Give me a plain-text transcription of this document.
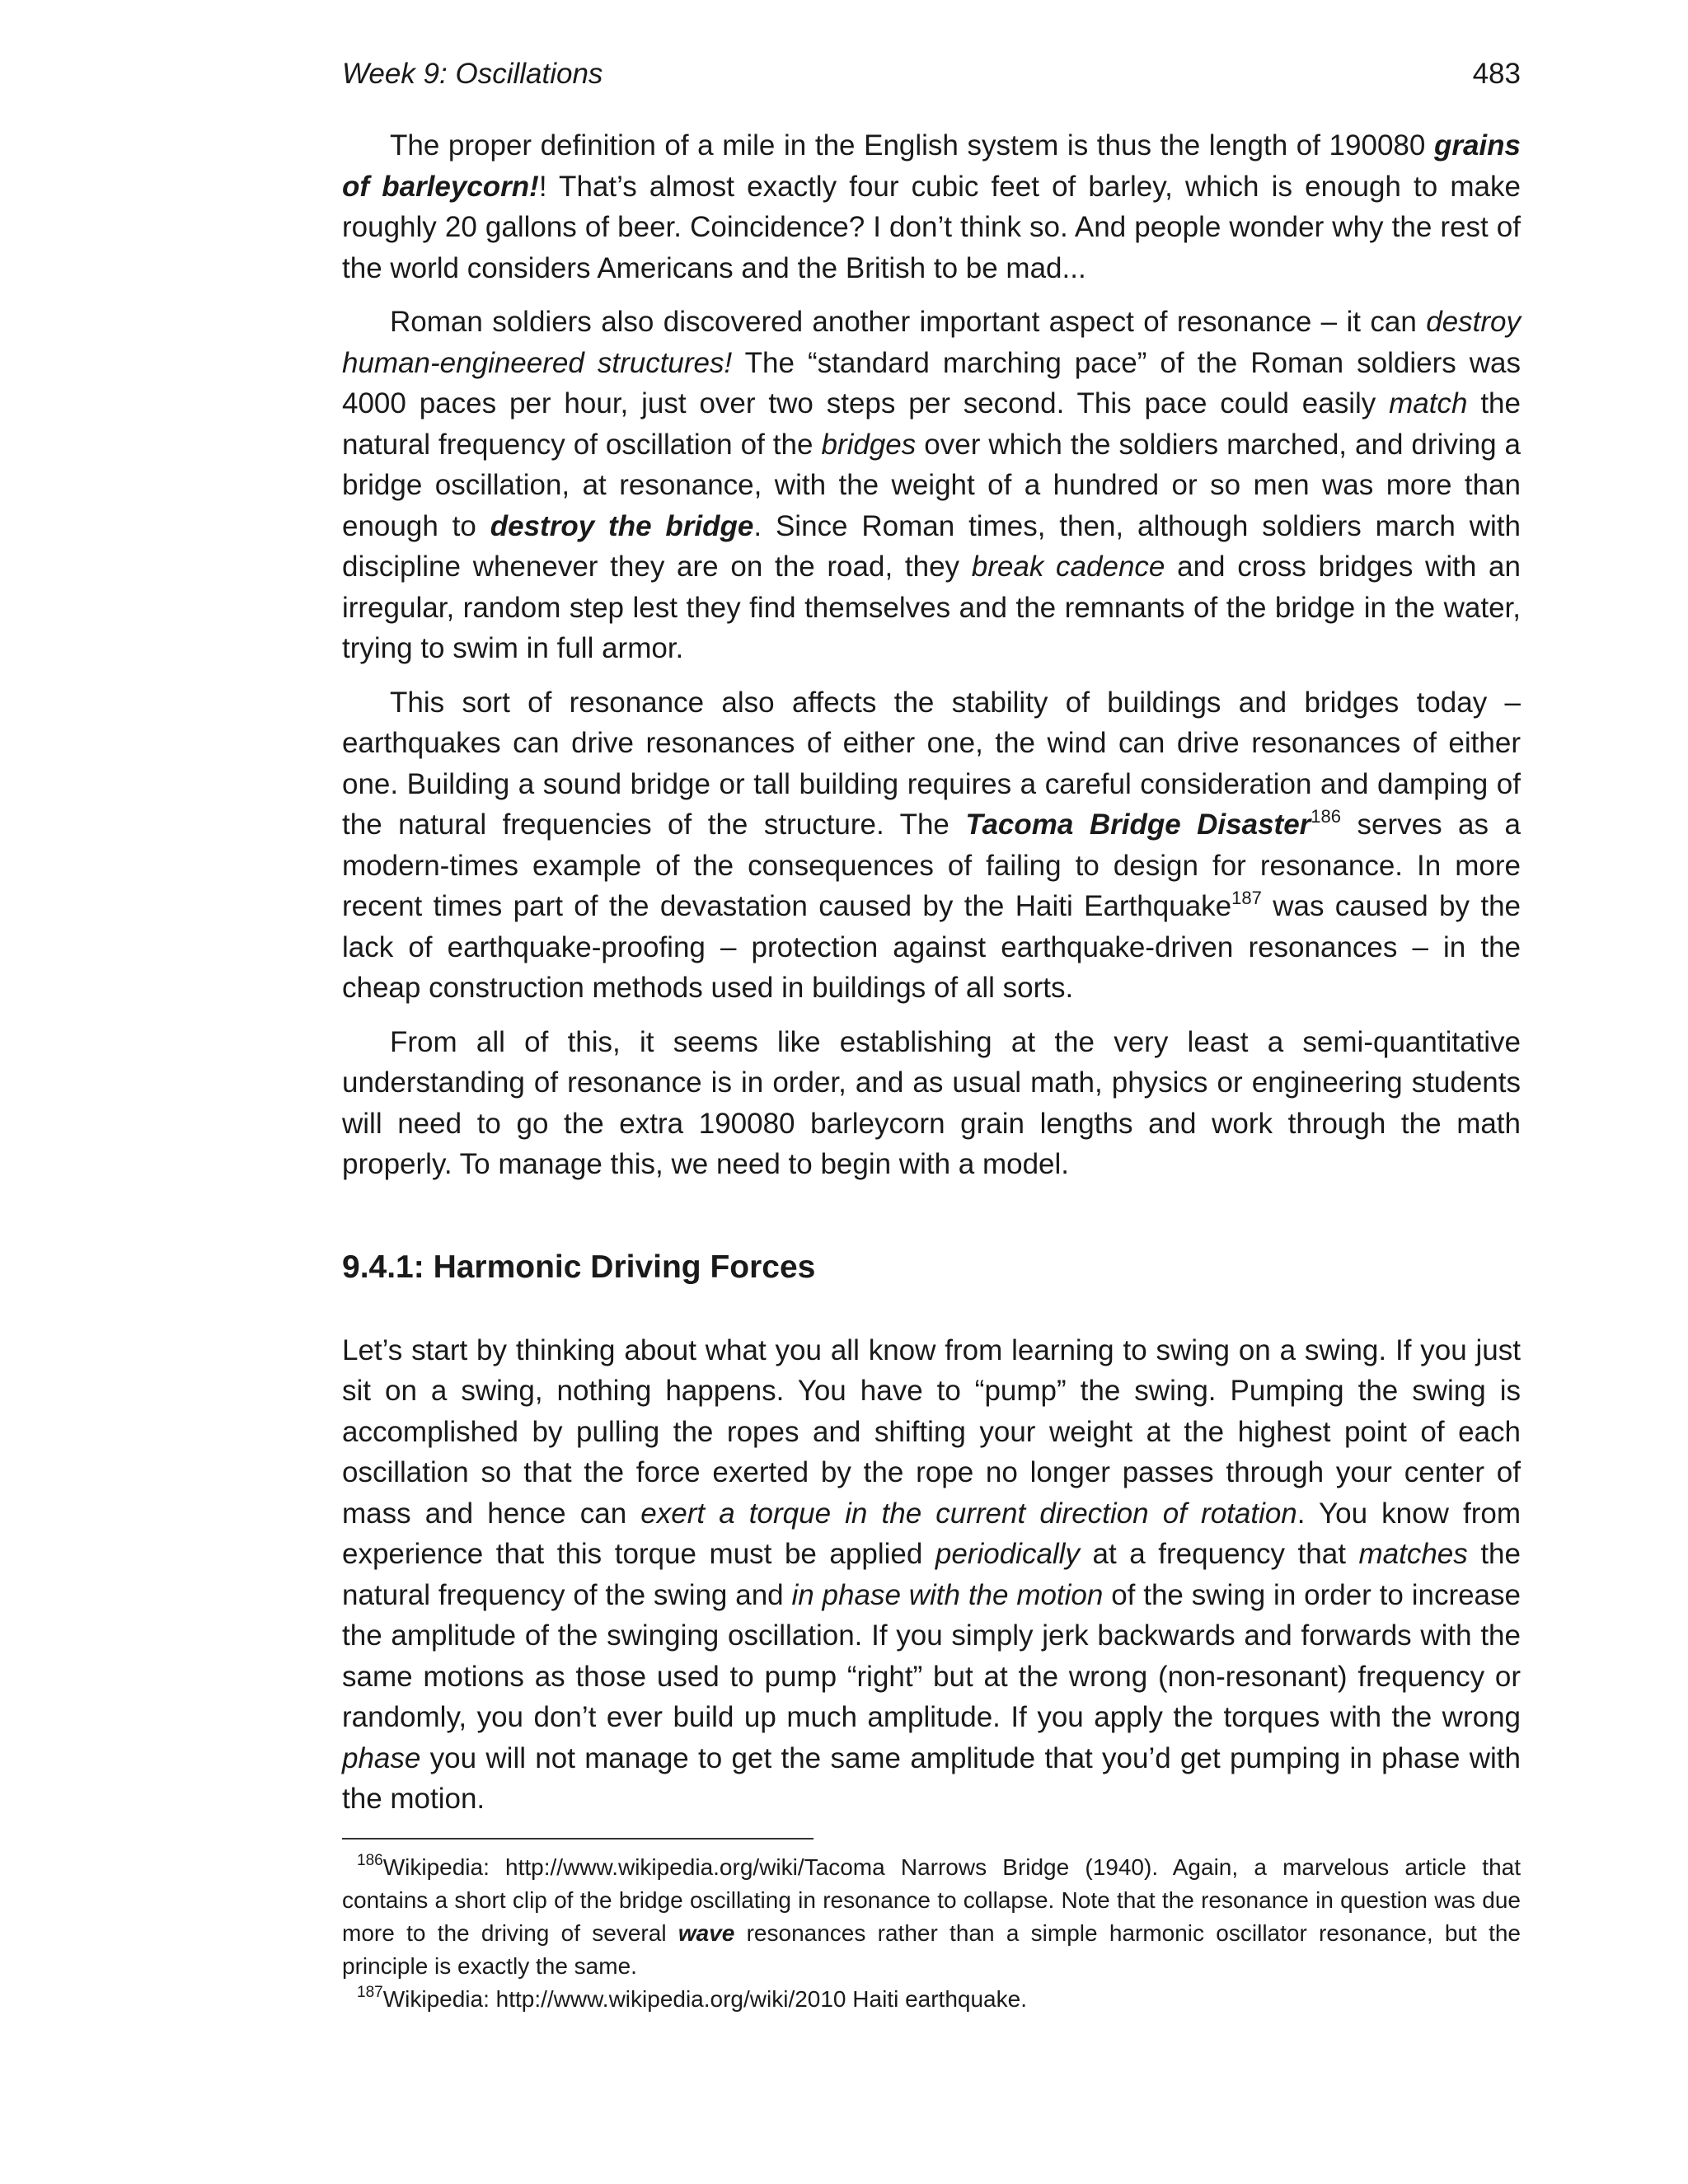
Week 9: Oscillations	483

The proper definition of a mile in the English system is thus the length of 190080 grains of barleycorn!! That’s almost exactly four cubic feet of barley, which is enough to make roughly 20 gallons of beer. Coincidence? I don’t think so. And people wonder why the rest of the world considers Americans and the British to be mad...

Roman soldiers also discovered another important aspect of resonance – it can destroy human-engineered structures! The “standard marching pace” of the Roman soldiers was 4000 paces per hour, just over two steps per second. This pace could easily match the natural frequency of oscillation of the bridges over which the soldiers marched, and driving a bridge oscillation, at resonance, with the weight of a hundred or so men was more than enough to destroy the bridge. Since Roman times, then, although soldiers march with discipline whenever they are on the road, they break cadence and cross bridges with an irregular, random step lest they find themselves and the remnants of the bridge in the water, trying to swim in full armor.

This sort of resonance also affects the stability of buildings and bridges today – earthquakes can drive resonances of either one, the wind can drive resonances of either one. Building a sound bridge or tall building requires a careful consideration and damping of the natural frequencies of the structure. The Tacoma Bridge Disaster$^{186}$ serves as a modern-times example of the consequences of failing to design for resonance. In more recent times part of the devastation caused by the Haiti Earthquake$^{187}$ was caused by the lack of earthquake-proofing – protection against earthquake-driven resonances – in the cheap construction methods used in buildings of all sorts.

From all of this, it seems like establishing at the very least a semi-quantitative understanding of resonance is in order, and as usual math, physics or engineering students will need to go the extra 190080 barleycorn grain lengths and work through the math properly. To manage this, we need to begin with a model.

9.4.1: Harmonic Driving Forces

Let’s start by thinking about what you all know from learning to swing on a swing. If you just sit on a swing, nothing happens. You have to “pump” the swing. Pumping the swing is accomplished by pulling the ropes and shifting your weight at the highest point of each oscillation so that the force exerted by the rope no longer passes through your center of mass and hence can exert a torque in the current direction of rotation. You know from experience that this torque must be applied periodically at a frequency that matches the natural frequency of the swing and in phase with the motion of the swing in order to increase the amplitude of the swinging oscillation. If you simply jerk backwards and forwards with the same motions as those used to pump “right” but at the wrong (non-resonant) frequency or randomly, you don’t ever build up much amplitude. If you apply the torques with the wrong phase you will not manage to get the same amplitude that you’d get pumping in phase with the motion.

$^{186}$Wikipedia: http://www.wikipedia.org/wiki/Tacoma Narrows Bridge (1940). Again, a marvelous article that contains a short clip of the bridge oscillating in resonance to collapse. Note that the resonance in question was due more to the driving of several wave resonances rather than a simple harmonic oscillator resonance, but the principle is exactly the same.

$^{187}$Wikipedia: http://www.wikipedia.org/wiki/2010 Haiti earthquake.
